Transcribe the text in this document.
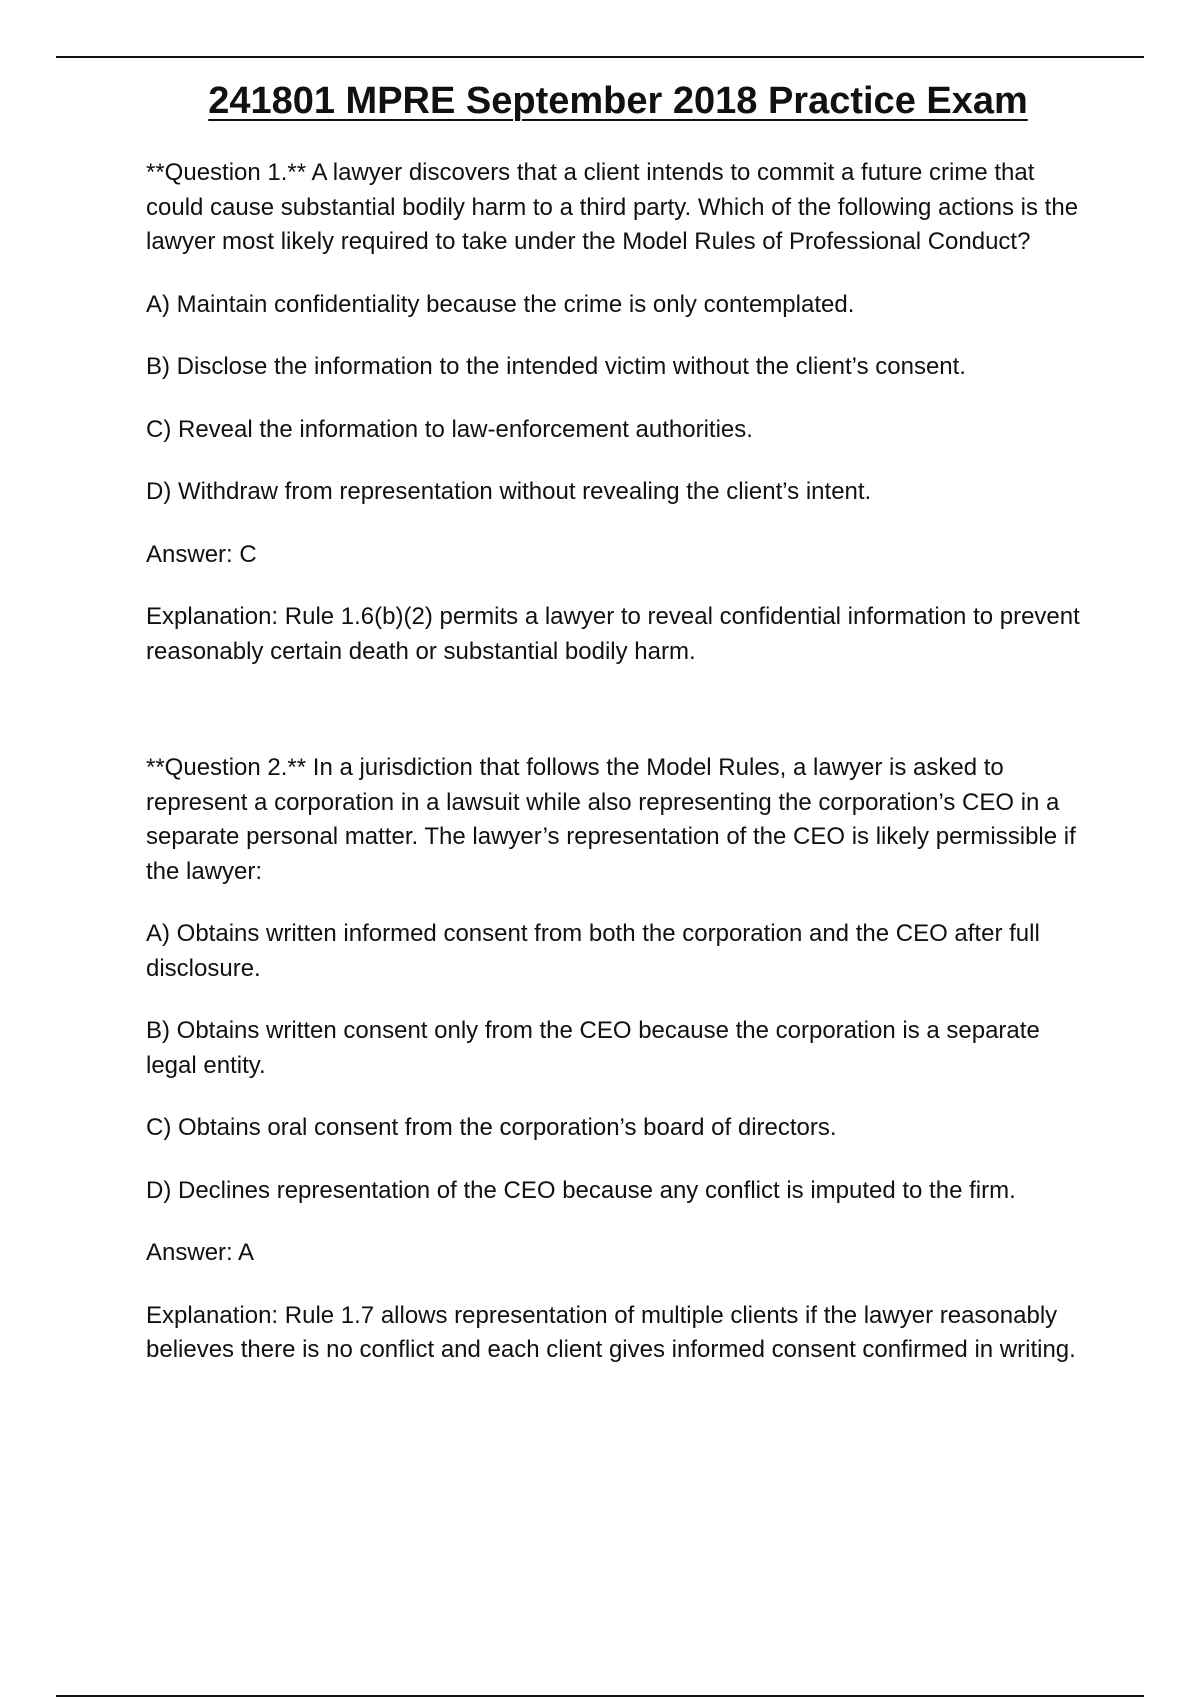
241801 MPRE September 2018 Practice Exam

**Question 1.** A lawyer discovers that a client intends to commit a future crime that could cause substantial bodily harm to a third party. Which of the following actions is the lawyer most likely required to take under the Model Rules of Professional Conduct?

A) Maintain confidentiality because the crime is only contemplated.

B) Disclose the information to the intended victim without the client’s consent.

C) Reveal the information to law-enforcement authorities.

D) Withdraw from representation without revealing the client’s intent.

Answer: C

Explanation: Rule 1.6(b)(2) permits a lawyer to reveal confidential information to prevent reasonably certain death or substantial bodily harm.

**Question 2.** In a jurisdiction that follows the Model Rules, a lawyer is asked to represent a corporation in a lawsuit while also representing the corporation’s CEO in a separate personal matter. The lawyer’s representation of the CEO is likely permissible if the lawyer:

A) Obtains written informed consent from both the corporation and the CEO after full disclosure.

B) Obtains written consent only from the CEO because the corporation is a separate legal entity.

C) Obtains oral consent from the corporation’s board of directors.

D) Declines representation of the CEO because any conflict is imputed to the firm.

Answer: A

Explanation: Rule 1.7 allows representation of multiple clients if the lawyer reasonably believes there is no conflict and each client gives informed consent confirmed in writing.
